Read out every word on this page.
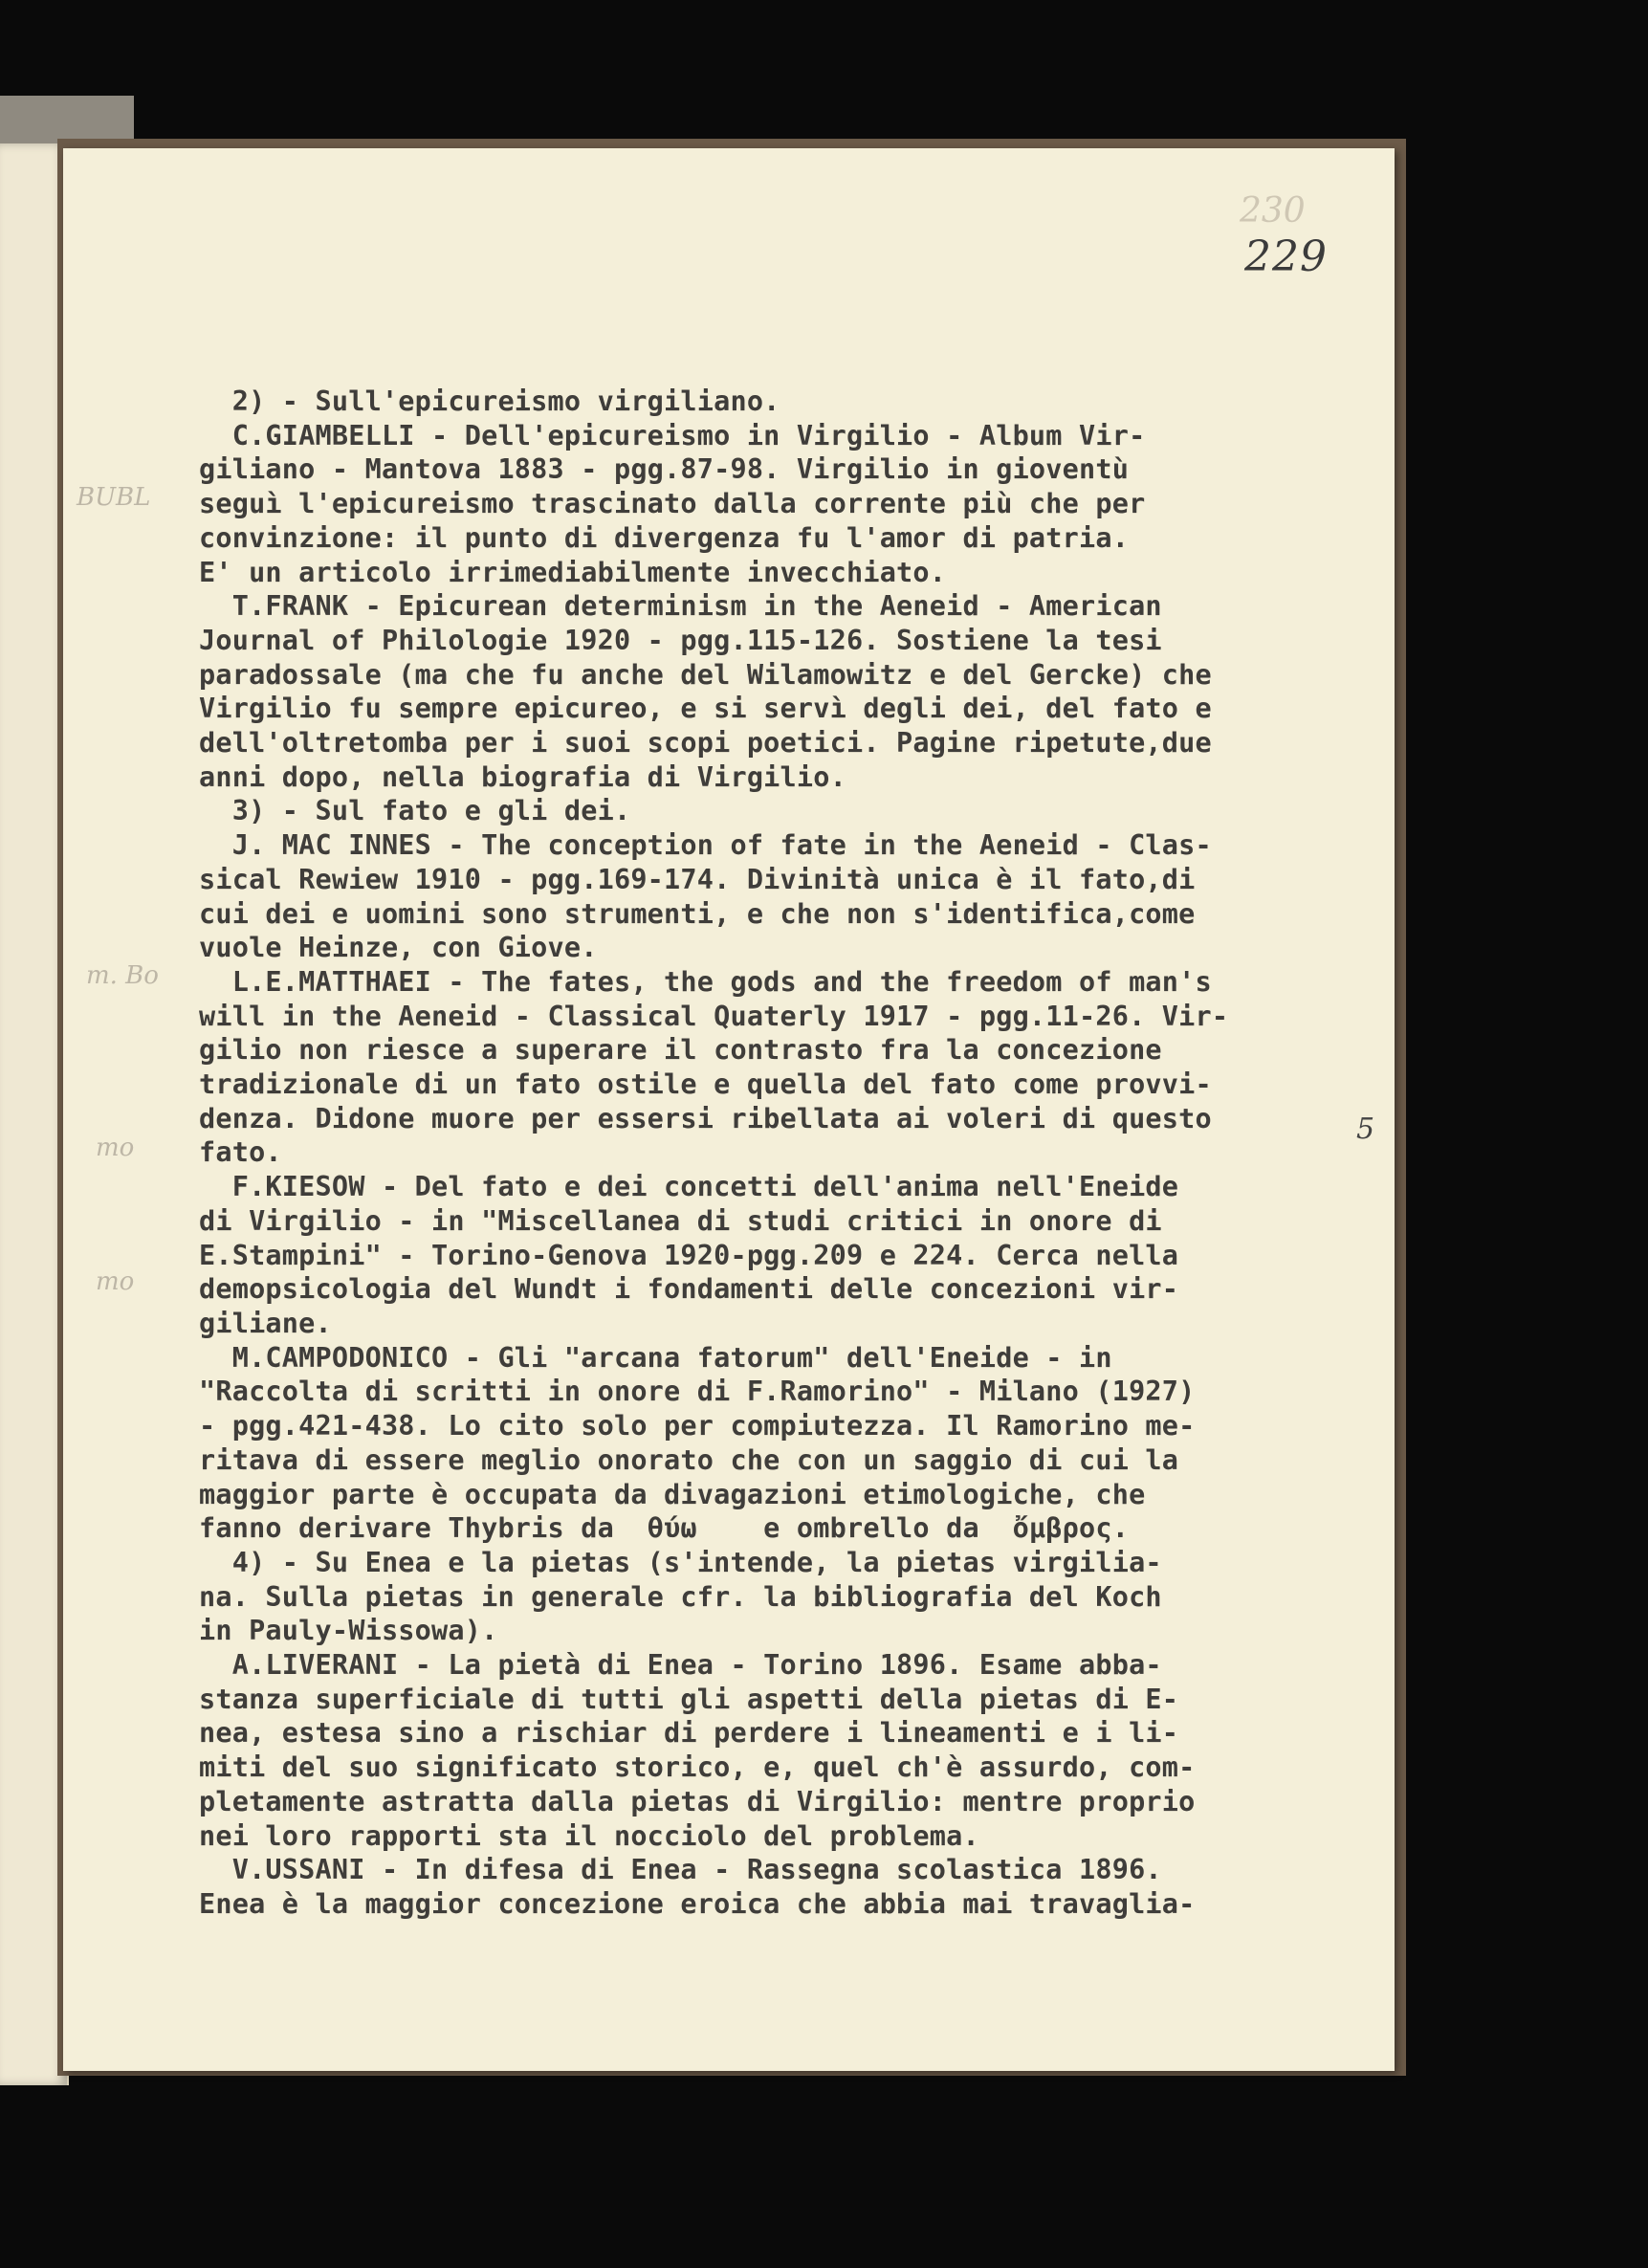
230
229
BUBL
m. Bo
mo
mo
5
2) - Sull'epicureismo virgiliano.
C.GIAMBELLI - Dell'epicureismo in Virgilio - Album Vir-
giliano - Mantova 1883 - pgg.87-98. Virgilio in gioventù
seguì l'epicureismo trascinato dalla corrente più che per
convinzione: il punto di divergenza fu l'amor di patria.
E' un articolo irrimediabilmente invecchiato.
T.FRANK - Epicurean determinism in the Aeneid - American
Journal of Philologie 1920 - pgg.115-126. Sostiene la tesi
paradossale (ma che fu anche del Wilamowitz e del Gercke) che
Virgilio fu sempre epicureo, e si servì degli dei, del fato e
dell'oltretomba per i suoi scopi poetici. Pagine ripetute,due
anni dopo, nella biografia di Virgilio.
3) - Sul fato e gli dei.
J. MAC INNES - The conception of fate in the Aeneid - Clas-
sical Rewiew 1910 - pgg.169-174. Divinità unica è il fato,di
cui dei e uomini sono strumenti, e che non s'identifica,come
vuole Heinze, con Giove.
L.E.MATTHAEI - The fates, the gods and the freedom of man's
will in the Aeneid - Classical Quaterly 1917 - pgg.11-26. Vir-
gilio non riesce a superare il contrasto fra la concezione
tradizionale di un fato ostile e quella del fato come provvi-
denza. Didone muore per essersi ribellata ai voleri di questo
fato.
F.KIESOW - Del fato e dei concetti dell'anima nell'Eneide
di Virgilio - in "Miscellanea di studi critici in onore di
E.Stampini" - Torino-Genova 1920-pgg.209 e 224. Cerca nella
demopsicologia del Wundt i fondamenti delle concezioni vir-
giliane.
M.CAMPODONICO - Gli "arcana fatorum" dell'Eneide - in
"Raccolta di scritti in onore di F.Ramorino" - Milano (1927)
- pgg.421-438. Lo cito solo per compiutezza. Il Ramorino me-
ritava di essere meglio onorato che con un saggio di cui la
maggior parte è occupata da divagazioni etimologiche, che
fanno derivare Thybris da  θύω    e ombrello da  ὄμβρος.
4) - Su Enea e la pietas (s'intende, la pietas virgilia-
na. Sulla pietas in generale cfr. la bibliografia del Koch
in Pauly-Wissowa).
A.LIVERANI - La pietà di Enea - Torino 1896. Esame abba-
stanza superficiale di tutti gli aspetti della pietas di E-
nea, estesa sino a rischiar di perdere i lineamenti e i li-
miti del suo significato storico, e, quel ch'è assurdo, com-
pletamente astratta dalla pietas di Virgilio: mentre proprio
nei loro rapporti sta il nocciolo del problema.
V.USSANI - In difesa di Enea - Rassegna scolastica 1896.
Enea è la maggior concezione eroica che abbia mai travaglia-
